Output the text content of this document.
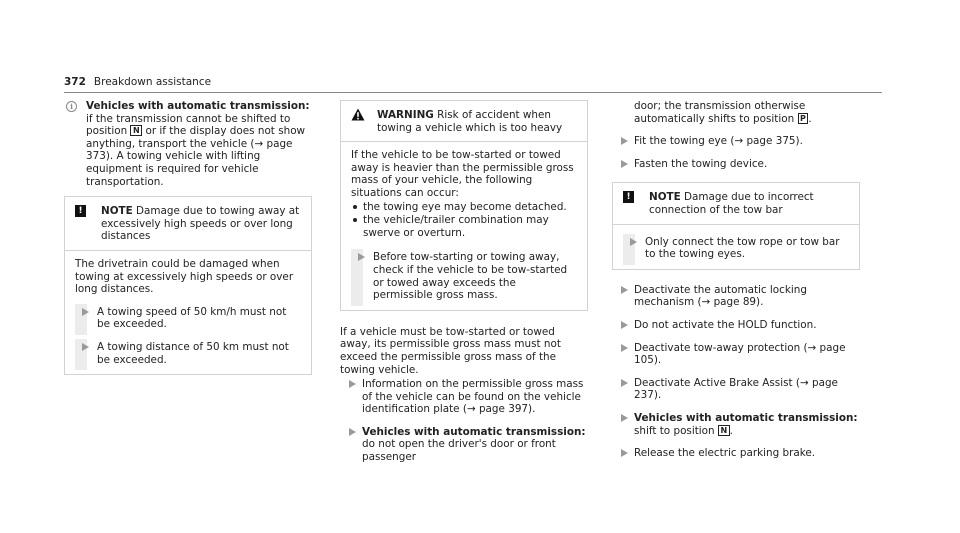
372 Breakdown assistance
i	Vehicles with automatic transmission: if the transmission cannot be shifted to position N or if the display does not show anything, transport the vehicle (→ page 373). A towing vehicle with lifting equipment is required for vehicle transportation.
!	NOTE Damage due to towing away at excessively high speeds or over long distances
The drivetrain could be damaged when towing at excessively high speeds or over long distances.
A towing speed of 50 km/h must not be exceeded.
A towing distance of 50 km must not be exceeded.
WARNING Risk of accident when towing a vehicle which is too heavy
If the vehicle to be tow-started or towed away is heavier than the permissible gross mass of your vehicle, the following situations can occur:
the towing eye may become detached.
the vehicle/trailer combination may swerve or overturn.
Before tow-starting or towing away, check if the vehicle to be tow-started or towed away exceeds the permissible gross mass.
If a vehicle must be tow-started or towed away, its permissible gross mass must not exceed the permissible gross mass of the towing vehicle.
Information on the permissible gross mass of the vehicle can be found on the vehicle identification plate (→ page 397).
Vehicles with automatic transmission: do not open the driver's door or front passenger
door; the transmission otherwise automatically shifts to position P .
Fit the towing eye (→ page 375).
Fasten the towing device.
!	NOTE Damage due to incorrect connection of the tow bar
Only connect the tow rope or tow bar to the towing eyes.
Deactivate the automatic locking mechanism (→ page 89).
Do not activate the HOLD function.
Deactivate tow-away protection (→ page 105).
Deactivate Active Brake Assist (→ page 237).
Vehicles with automatic transmission: shift to position N .
Release the electric parking brake.
